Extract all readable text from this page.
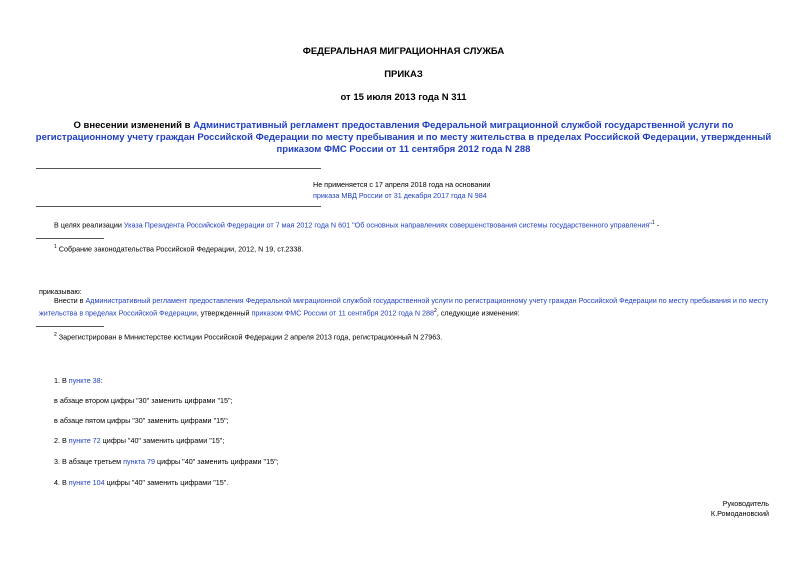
ФЕДЕРАЛЬНАЯ МИГРАЦИОННАЯ СЛУЖБА
ПРИКАЗ
от 15 июля 2013 года N 311
О внесении изменений в Административный регламент предоставления Федеральной миграционной службой государственной услуги по регистрационному учету граждан Российской Федерации по месту пребывания и по месту жительства в пределах Российской Федерации, утвержденный приказом ФМС России от 11 сентября 2012 года N 288
Не применяется с 17 апреля 2018 года на основании
приказа МВД России от 31 декабря 2017 года N 984
В целях реализации Указа Президента Российской Федерации от 7 мая 2012 года N 601 "Об основных направлениях совершенствования системы государственного управления"$^1$ -
$^1$ Собрание законодательства Российской Федерации, 2012, N 19, ст.2338.
приказываю:
Внести в Административный регламент предоставления Федеральной миграционной службой государственной услуги по регистрационному учету граждан Российской Федерации по месту пребывания и по месту жительства в пределах Российской Федерации, утвержденный приказом ФМС России от 11 сентября 2012 года N $288^2$, следующие изменения:
$^2$ Зарегистрирован в Министерстве юстиции Российской Федерации 2 апреля 2013 года, регистрационный N 27963.
1. В пункте 38:
в абзаце втором цифры "30" заменить цифрами "15";
в абзаце пятом цифры "30" заменить цифрами "15";
2. В пункте 72 цифры "40" заменить цифрами "15";
3. В абзаце третьем пункта 79 цифры "40" заменить цифрами "15";
4. В пункте 104 цифры "40" заменить цифрами "15".
Руководитель
К.Ромодановский
